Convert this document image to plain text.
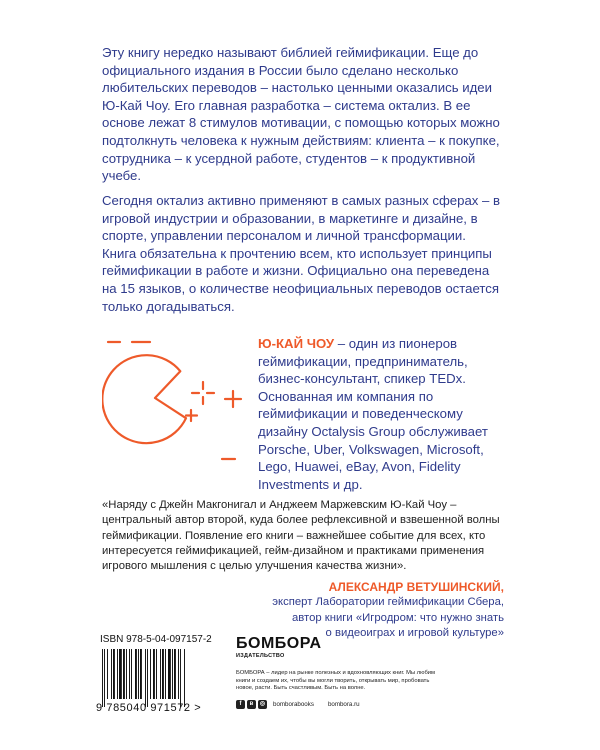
Эту книгу нередко называют библией геймификации. Еще до официального издания в России было сделано несколько любительских переводов – настолько ценными оказались идеи Ю-Кай Чоу. Его главная разработка – система октализ. В ее основе лежат 8 стимулов мотивации, с помощью которых можно подтолкнуть человека к нужным действиям: клиента – к покупке, сотрудника – к усердной работе, студентов – к продуктивной учебе.
Сегодня октализ активно применяют в самых разных сферах – в игровой индустрии и образовании, в маркетинге и дизайне, в спорте, управлении персоналом и личной трансформации. Книга обязательна к прочтению всем, кто использует принципы геймификации в работе и жизни. Официально она переведена на 15 языков, о количестве неофициальных переводов остается только догадываться.
Ю-КАЙ ЧОУ – один из пионеров геймификации, предприниматель, бизнес-консультант, спикер TEDx. Основанная им компания по геймификации и поведенческому дизайну Octalysis Group обслуживает Porsche, Uber, Volkswagen, Microsoft, Lego, Huawei, eBay, Avon, Fidelity Investments и др.
«Наряду с Джейн Макгонигал и Анджеем Маржевским Ю-Кай Чоу – центральный автор второй, куда более рефлексивной и взвешенной волны геймификации. Появление его книги – важнейшее событие для всех, кто интересуется геймификацией, гейм-дизайном и практиками применения игрового мышления с целью улучшения качества жизни».
АЛЕКСАНДР ВЕТУШИНСКИЙ,
эксперт Лаборатории геймификации Сбера,
автор книги «Игродром: что нужно знать
о видеоиграх и игровой культуре»
ISBN 978-5-04-097157-2
9 785040 971572 >
БОМБОРА
ИЗДАТЕЛЬСТВО
БОМБОРА – лидер на рынке полезных и вдохновляющих книг. Мы любим книги и создаем их, чтобы вы могли творить, открывать мир, пробовать новое, расти. Быть счастливым. Быть на волне.
f	в	◎	bomborabooks bombora.ru
